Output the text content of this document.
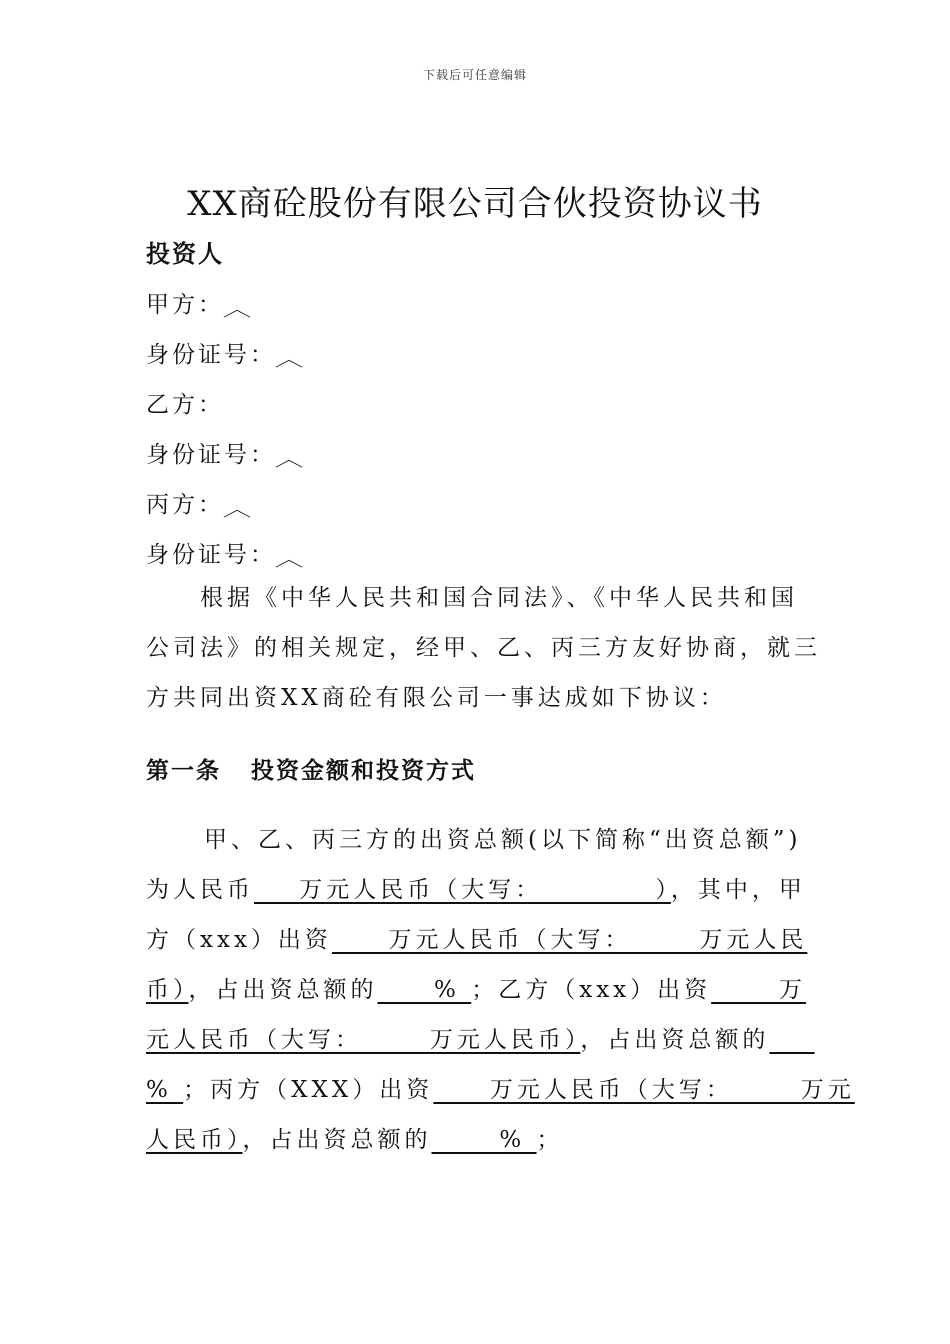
下载后可任意编辑
XX商砼股份有限公司合伙投资协议书
投资人
甲方：︿
身份证号：︿
乙方：
身份证号：︿
丙方：︿
身份证号：︿
根据《中华人民共和国合同法》、《中华人民共和国
公司法》的相关规定，经甲、乙、丙三方友好协商，就三
方共同出资XX商砼有限公司一事达成如下协议：
第一条   投资金额和投资方式
甲、乙、丙三方的出资总额(以下简称“出资总额”)
为人民币    万元人民币（大写：          ），其中，甲
方（xxx）出资     万元人民币（大写：      万元人民
币），占出资总额的     % ；乙方（xxx）出资      万
元人民币（大写：      万元人民币），占出资总额的
% ；丙方（XXX）出资     万元人民币（大写：      万元
人民币），占出资总额的      % ；
